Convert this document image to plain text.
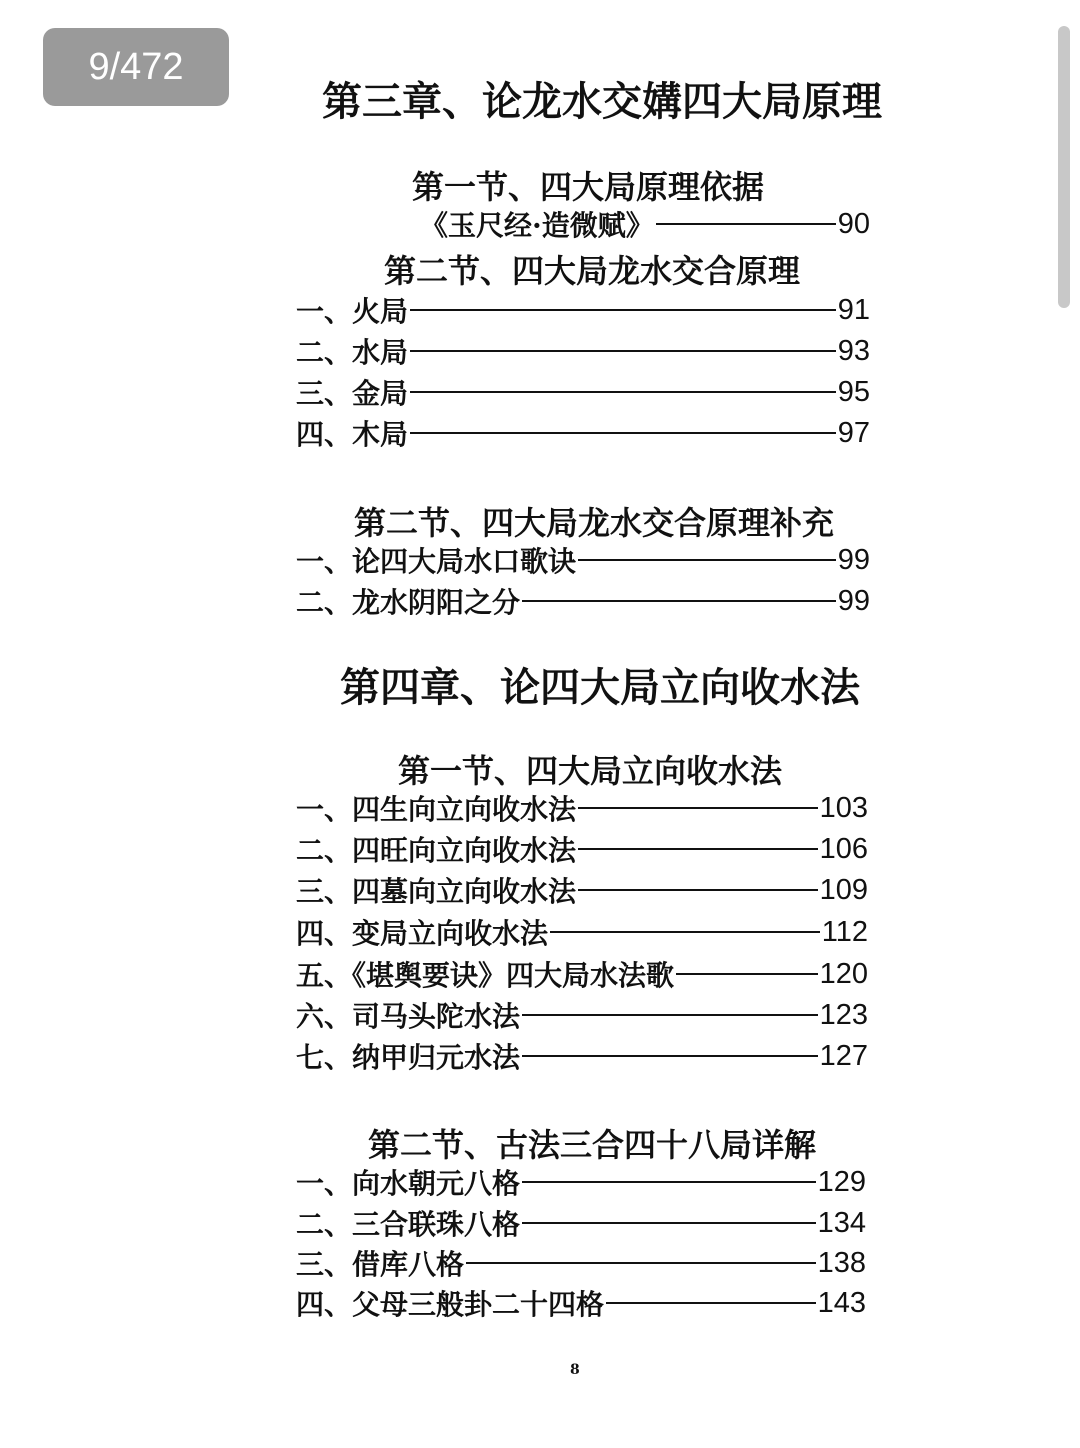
9/472
第三章、论龙水交媾四大局原理
第一节、四大局原理依据
《玉尺经·造微赋》	90
第二节、四大局龙水交合原理
一、火局	91
二、水局	93
三、金局	95
四、木局	97
第二节、四大局龙水交合原理补充
一、论四大局水口歌诀	99
二、龙水阴阳之分	99
第四章、论四大局立向收水法
第一节、四大局立向收水法
一、四生向立向收水法	103
二、四旺向立向收水法	106
三、四墓向立向收水法	109
四、变局立向收水法	112
五、《堪舆要诀》四大局水法歌	120
六、司马头陀水法	123
七、纳甲归元水法	127
第二节、古法三合四十八局详解
一、向水朝元八格	129
二、三合联珠八格	134
三、借库八格	138
四、父母三般卦二十四格	143
8
